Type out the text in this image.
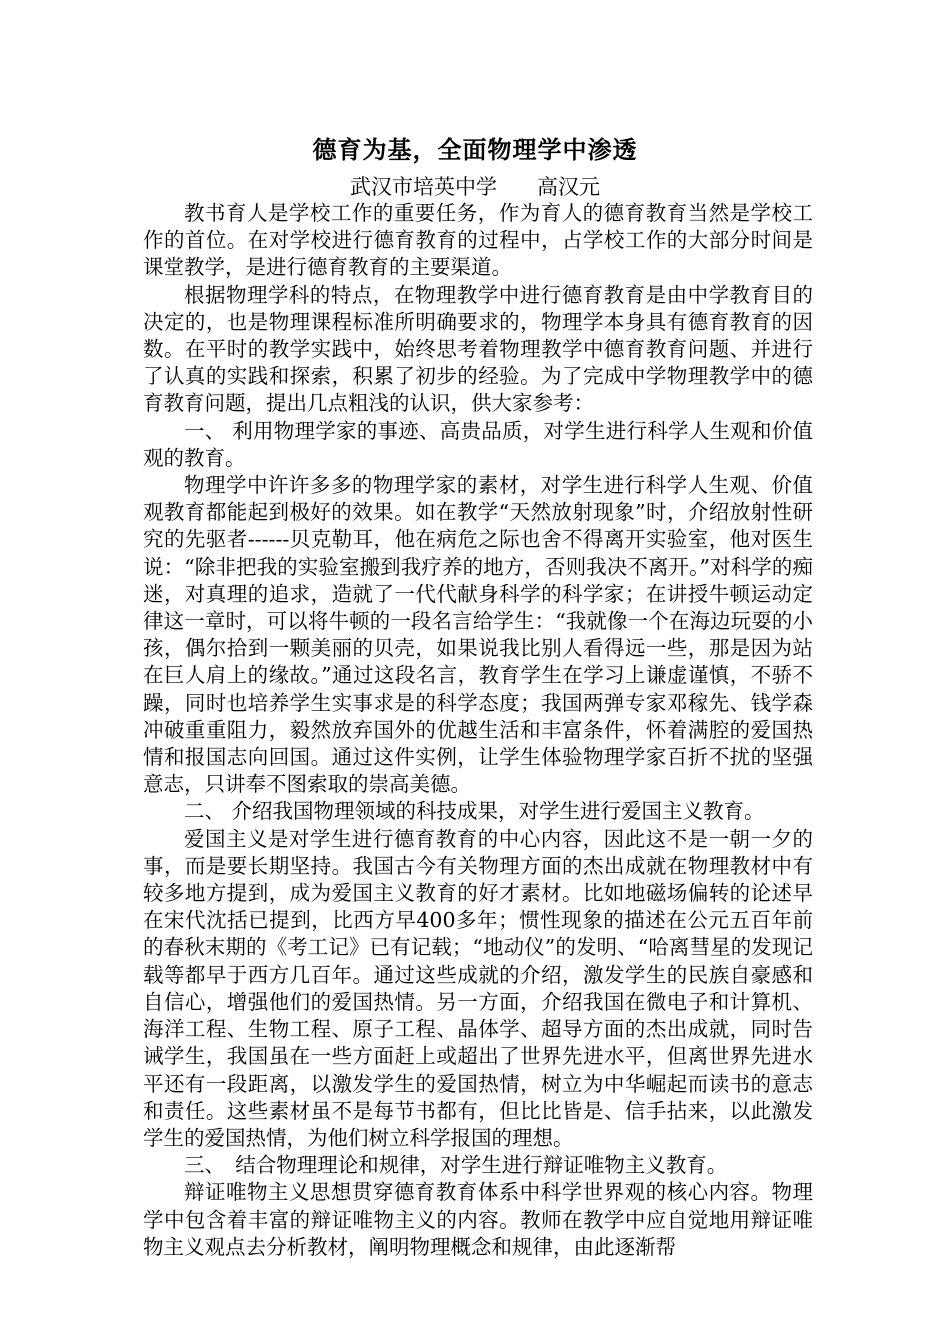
德育为基，全面物理学中渗透
武汉市培英中学 高汉元

教书育人是学校工作的重要任务，作为育人的德育教育当然是学校工作的首位。在对学校进行德育教育的过程中，占学校工作的大部分时间是课堂教学，是进行德育教育的主要渠道。

根据物理学科的特点，在物理教学中进行德育教育是由中学教育目的决定的，也是物理课程标准所明确要求的，物理学本身具有德育教育的因数。在平时的教学实践中，始终思考着物理教学中德育教育问题、并进行了认真的实践和探索，积累了初步的经验。为了完成中学物理教学中的德育教育问题，提出几点粗浅的认识，供大家参考：

一、 利用物理学家的事迹、高贵品质，对学生进行科学人生观和价值观的教育。

物理学中许许多多的物理学家的素材，对学生进行科学人生观、价值观教育都能起到极好的效果。如在教学“天然放射现象”时，介绍放射性研究的先驱者------贝克勒耳，他在病危之际也舍不得离开实验室，他对医生说：“除非把我的实验室搬到我疗养的地方，否则我决不离开。”对科学的痴迷，对真理的追求，造就了一代代献身科学的科学家；在讲授牛顿运动定律这一章时，可以将牛顿的一段名言给学生：“我就像一个在海边玩耍的小孩，偶尔拾到一颗美丽的贝壳，如果说我比别人看得远一些，那是因为站在巨人肩上的缘故。”通过这段名言，教育学生在学习上谦虚谨慎，不骄不躁，同时也培养学生实事求是的科学态度；我国两弹专家邓稼先、钱学森冲破重重阻力，毅然放弃国外的优越生活和丰富条件，怀着满腔的爱国热情和报国志向回国。通过这件实例，让学生体验物理学家百折不扰的坚强意志，只讲奉不图索取的崇高美德。

二、 介绍我国物理领域的科技成果，对学生进行爱国主义教育。

爱国主义是对学生进行德育教育的中心内容，因此这不是一朝一夕的事，而是要长期坚持。我国古今有关物理方面的杰出成就在物理教材中有较多地方提到，成为爱国主义教育的好才素材。比如地磁场偏转的论述早在宋代沈括已提到，比西方早400多年；惯性现象的描述在公元五百年前的春秋末期的《考工记》已有记载；“地动仪”的发明、“哈离彗星的发现记载等都早于西方几百年。通过这些成就的介绍，激发学生的民族自豪感和自信心，增强他们的爱国热情。另一方面，介绍我国在微电子和计算机、海洋工程、生物工程、原子工程、晶体学、超导方面的杰出成就，同时告诫学生，我国虽在一些方面赶上或超出了世界先进水平，但离世界先进水平还有一段距离，以激发学生的爱国热情，树立为中华崛起而读书的意志和责任。这些素材虽不是每节书都有，但比比皆是、信手拈来，以此激发学生的爱国热情，为他们树立科学报国的理想。

三、　结合物理理论和规律，对学生进行辩证唯物主义教育。

辩证唯物主义思想贯穿德育教育体系中科学世界观的核心内容。物理学中包含着丰富的辩证唯物主义的内容。教师在教学中应自觉地用辩证唯物主义观点去分析教材，阐明物理概念和规律，由此逐渐帮
